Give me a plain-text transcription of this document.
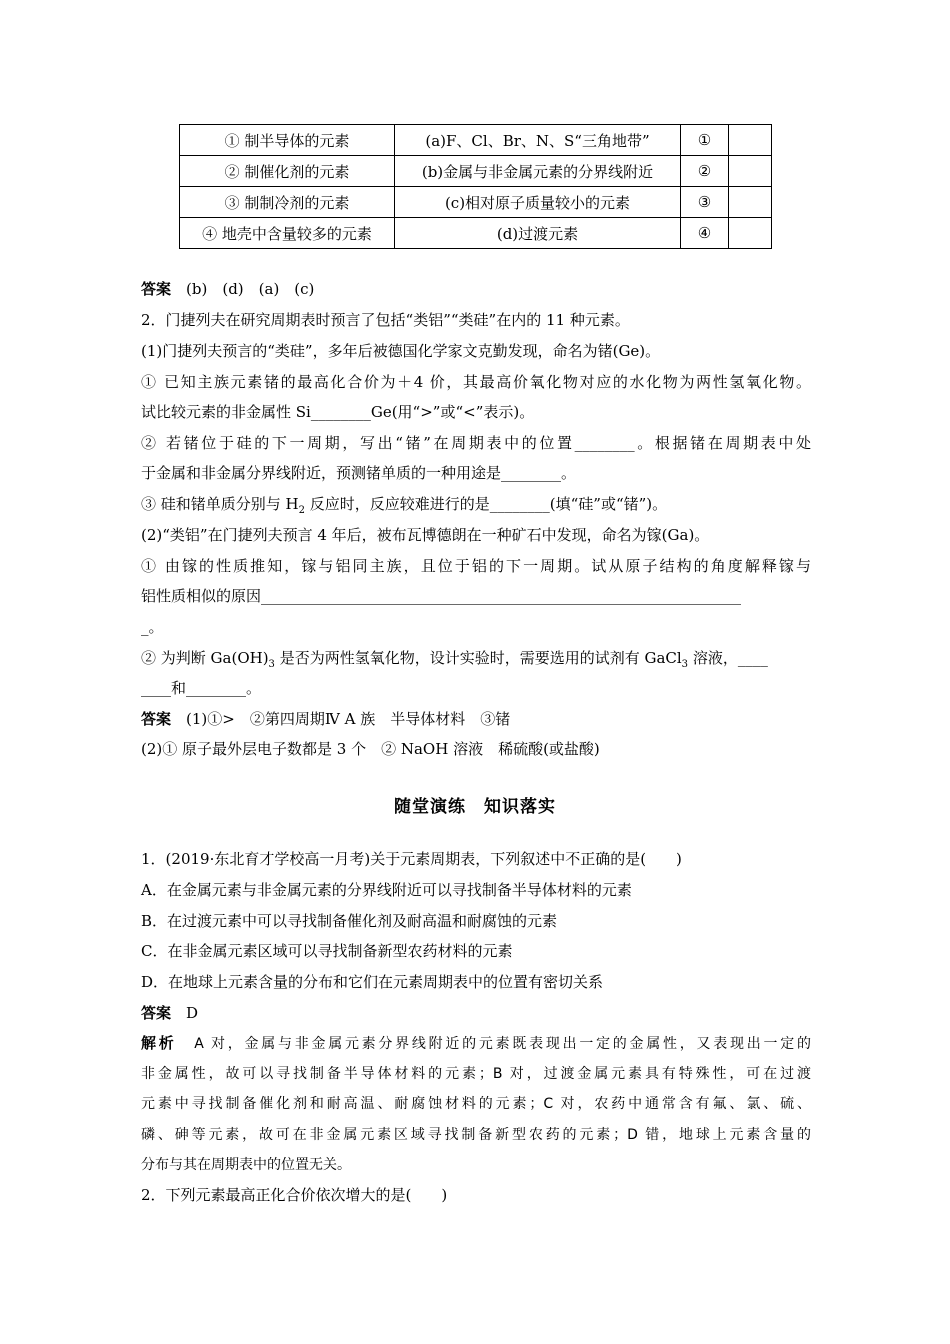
① 制半导体的元素	(a)F、Cl、Br、N、S“三角地带”	①	
② 制催化剂的元素	(b)金属与非金属元素的分界线附近	②	
③ 制制冷剂的元素	(c)相对原子质量较小的元素	③	
④ 地壳中含量较多的元素	(d)过渡元素	④	
答案　 (b)　(d)　(a)　(c)
2．门捷列夫在研究周期表时预言了包括“类铝”“类硅”在内的 11 种元素。
(1)门捷列夫预言的“类硅”，多年后被德国化学家文克勤发现，命名为锗(Ge)。
① 已知主族元素锗的最高化合价为＋4 价，其最高价氧化物对应的水化物为两性氢氧化物。
试比较元素的非金属性 Si________Ge(用“>”或“<”表示)。
② 若锗位于硅的下一周期，写出“锗”在周期表中的位置________。根据锗在周期表中处
于金属和非金属分界线附近，预测锗单质的一种用途是________。
③ 硅和锗单质分别与 $H_2$ 反应时，反应较难进行的是________(填“硅”或“锗”)。
(2)“类铝”在门捷列夫预言 4 年后，被布瓦博德朗在一种矿石中发现，命名为镓(Ga)。
① 由镓的性质推知，镓与铝同主族，且位于铝的下一周期。试从原子结构的角度解释镓与
铝性质相似的原因________________________________________________________________
_。
② 为判断 $Ga(OH)_3$ 是否为两性氢氧化物，设计实验时，需要选用的试剂有 GaCl$_3$ 溶液，____
____和________。
答案　 (1)①>　②第四周期Ⅳ A 族　半导体材料　③锗
(2)① 原子最外层电子数都是 3 个　② NaOH 溶液　稀硫酸(或盐酸)
随堂演练　知识落实
1．(2019·东北育才学校高一月考)关于元素周期表，下列叙述中不正确的是(　　)
A．在金属元素与非金属元素的分界线附近可以寻找制备半导体材料的元素
B．在过渡元素中可以寻找制备催化剂及耐高温和耐腐蚀的元素
C．在非金属元素区域可以寻找制备新型农药材料的元素
D．在地球上元素含量的分布和它们在元素周期表中的位置有密切关系
答案　 D
解析　 A 对，金属与非金属元素分界线附近的元素既表现出一定的金属性，又表现出一定的
非金属性，故可以寻找制备半导体材料的元素；B 对，过渡金属元素具有特殊性，可在过渡
元素中寻找制备催化剂和耐高温、耐腐蚀材料的元素；C 对，农药中通常含有氟、氯、硫、
磷、砷等元素，故可在非金属元素区域寻找制备新型农药的元素；D 错，地球上元素含量的
分布与其在周期表中的位置无关。
2．下列元素最高正化合价依次增大的是(　　)
